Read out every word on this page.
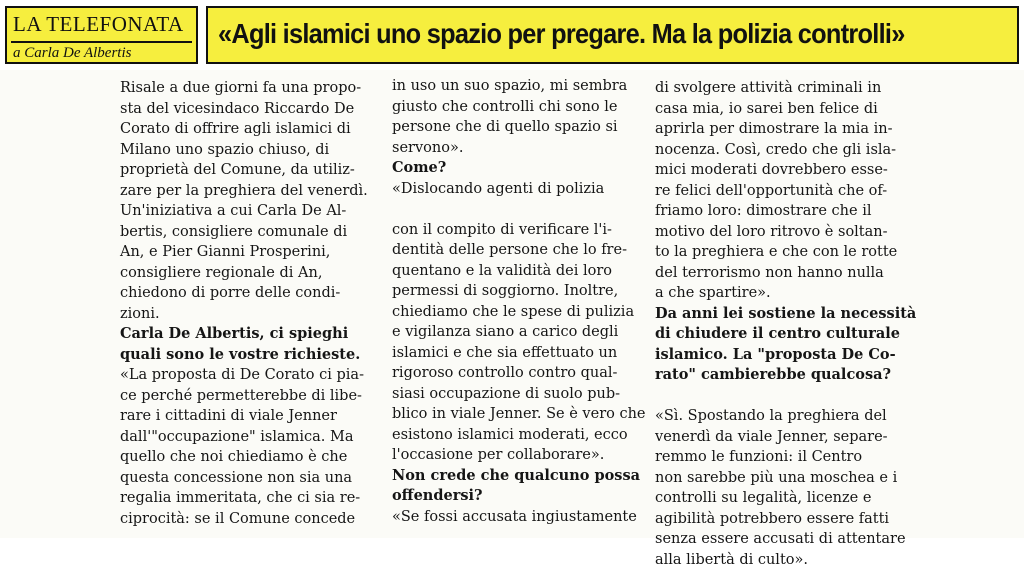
LA TELEFONATA
a Carla De Albertis
«Agli islamici uno spazio per pregare. Ma la polizia controlli»
Risale a due giorni fa una propo-
sta del vicesindaco Riccardo De
Corato di offrire agli islamici di
Milano uno spazio chiuso, di
proprietà del Comune, da utiliz-
zare per la preghiera del venerdì.
Un'iniziativa a cui Carla De Al-
bertis, consigliere comunale di
An, e Pier Gianni Prosperini,
consigliere regionale di An,
chiedono di porre delle condi-
zioni.
Carla De Albertis, ci spieghi
quali sono le vostre richieste.
«La proposta di De Corato ci pia-
ce perché permetterebbe di libe-
rare i cittadini di viale Jenner
dall'"occupazione" islamica. Ma
quello che noi chiediamo è che
questa concessione non sia una
regalia immeritata, che ci sia re-
ciprocità: se il Comune concede
in uso un suo spazio, mi sembra
giusto che controlli chi sono le
persone che di quello spazio si
servono».
Come?
«Dislocando agenti di polizia

con il compito di verificare l'i-
dentità delle persone che lo fre-
quentano e la validità dei loro
permessi di soggiorno. Inoltre,
chiediamo che le spese di pulizia
e vigilanza siano a carico degli
islamici e che sia effettuato un
rigoroso controllo contro qual-
siasi occupazione di suolo pub-
blico in viale Jenner. Se è vero che
esistono islamici moderati, ecco
l'occasione per collaborare».
Non crede che qualcuno possa
offendersi?
«Se fossi accusata ingiustamente
di svolgere attività criminali in
casa mia, io sarei ben felice di
aprirla per dimostrare la mia in-
nocenza. Così, credo che gli isla-
mici moderati dovrebbero esse-
re felici dell'opportunità che of-
friamo loro: dimostrare che il
motivo del loro ritrovo è soltan-
to la preghiera e che con le rotte
del terrorismo non hanno nulla
a che spartire».
Da anni lei sostiene la necessità
di chiudere il centro culturale
islamico. La "proposta De Co-
rato" cambierebbe qualcosa?

«Sì. Spostando la preghiera del
venerdì da viale Jenner, separe-
remmo le funzioni: il Centro
non sarebbe più una moschea e i
controlli su legalità, licenze e
agibilità potrebbero essere fatti
senza essere accusati di attentare
alla libertà di culto».
